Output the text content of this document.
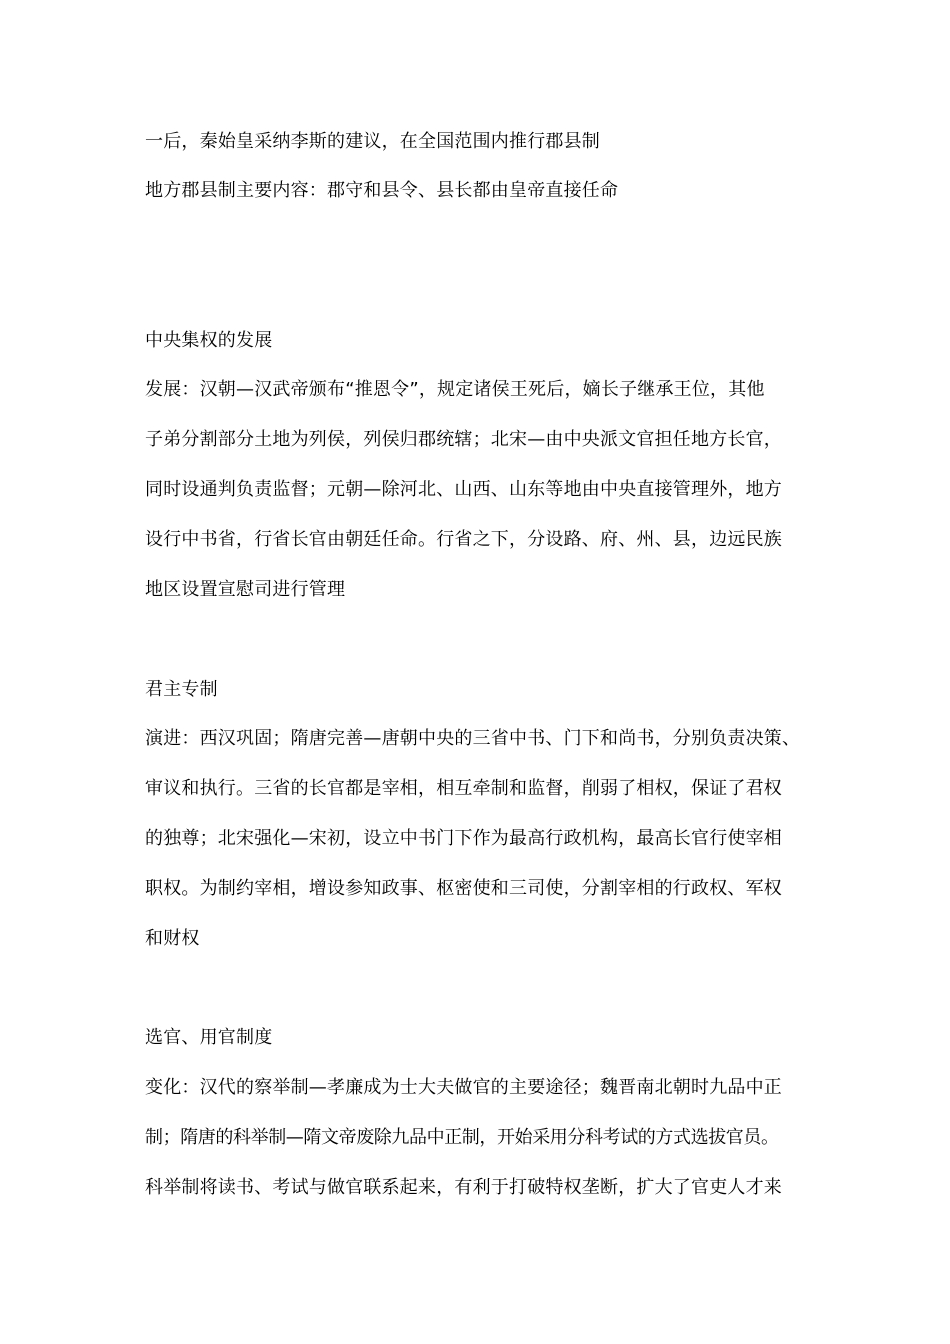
一后，秦始皇采纳李斯的建议，在全国范围内推行郡县制
地方郡县制主要内容：郡守和县令、县长都由皇帝直接任命
中央集权的发展
发展：汉朝—汉武帝颁布“推恩令”，规定诸侯王死后，嫡长子继承王位，其他
子弟分割部分土地为列侯，列侯归郡统辖；北宋—由中央派文官担任地方长官，
同时设通判负责监督；元朝—除河北、山西、山东等地由中央直接管理外，地方
设行中书省，行省长官由朝廷任命。行省之下，分设路、府、州、县，边远民族
地区设置宣慰司进行管理
君主专制
演进：西汉巩固；隋唐完善—唐朝中央的三省中书、门下和尚书，分别负责决策、
审议和执行。三省的长官都是宰相，相互牵制和监督，削弱了相权，保证了君权
的独尊；北宋强化—宋初，设立中书门下作为最高行政机构，最高长官行使宰相
职权。为制约宰相，增设参知政事、枢密使和三司使，分割宰相的行政权、军权
和财权
选官、用官制度
变化：汉代的察举制—孝廉成为士大夫做官的主要途径；魏晋南北朝时九品中正
制；隋唐的科举制—隋文帝废除九品中正制，开始采用分科考试的方式选拔官员。
科举制将读书、考试与做官联系起来，有利于打破特权垄断，扩大了官吏人才来
